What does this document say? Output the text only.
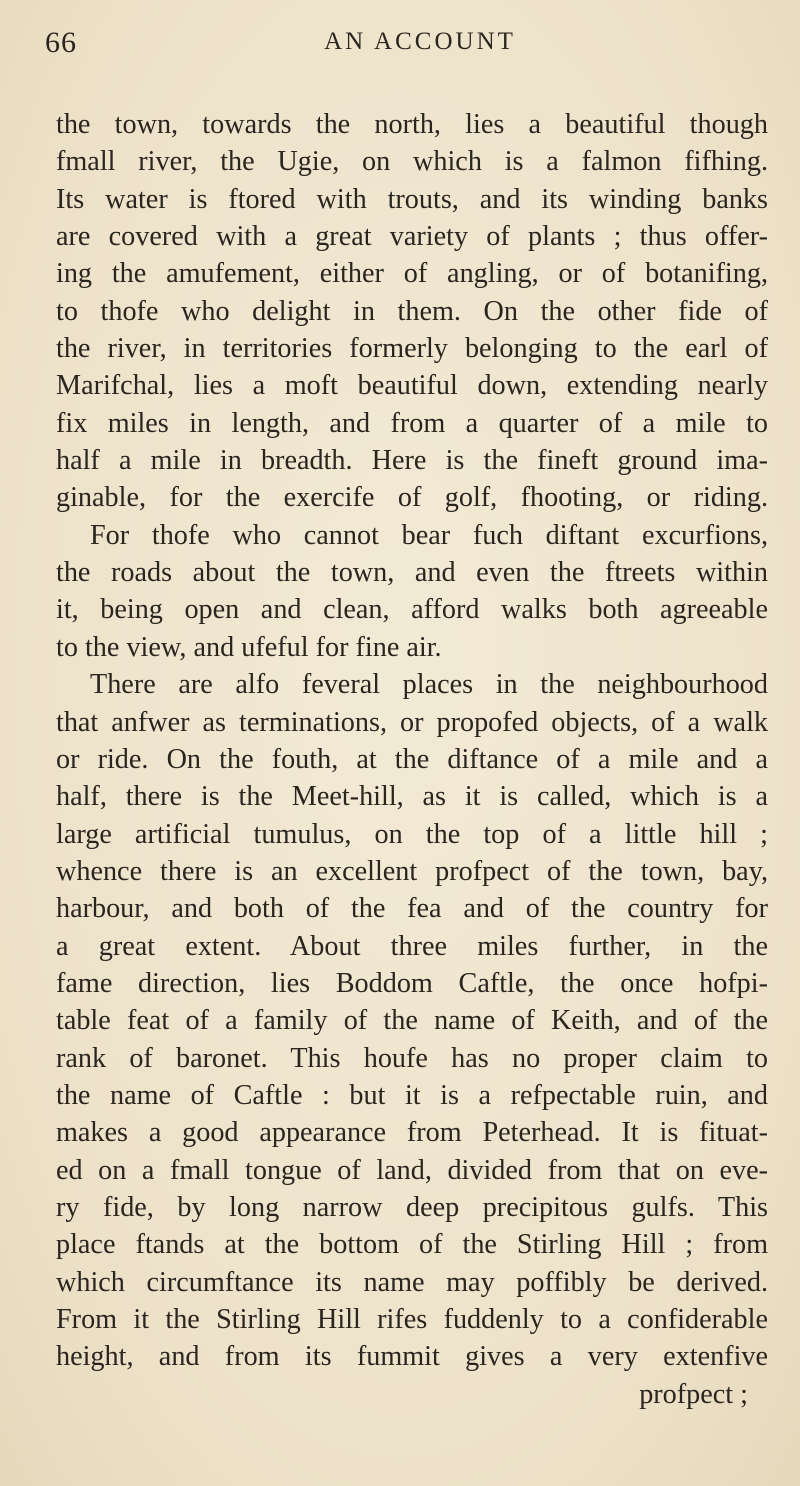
66	AN ACCOUNT
the town, towards the north, lies a beautiful though
fmall river, the Ugie, on which is a falmon fifhing.
Its water is ftored with trouts, and its winding banks
are covered with a great variety of plants ; thus offer-
ing the amufement, either of angling, or of botanifing,
to thofe who delight in them. On the other fide of
the river, in territories formerly belonging to the earl of
Marifchal, lies a moft beautiful down, extending nearly
fix miles in length, and from a quarter of a mile to
half a mile in breadth. Here is the fineft ground ima-
ginable, for the exercife of golf, fhooting, or riding.
For thofe who cannot bear fuch diftant excurfions,
the roads about the town, and even the ftreets within
it, being open and clean, afford walks both agreeable
to the view, and ufeful for fine air.
There are alfo feveral places in the neighbourhood
that anfwer as terminations, or propofed objects, of a walk
or ride. On the fouth, at the diftance of a mile and a
half, there is the Meet-hill, as it is called, which is a
large artificial tumulus, on the top of a little hill ;
whence there is an excellent profpect of the town, bay,
harbour, and both of the fea and of the country for
a great extent. About three miles further, in the
fame direction, lies Boddom Caftle, the once hofpi-
table feat of a family of the name of Keith, and of the
rank of baronet. This houfe has no proper claim to
the name of Caftle : but it is a refpectable ruin, and
makes a good appearance from Peterhead. It is fituat-
ed on a fmall tongue of land, divided from that on eve-
ry fide, by long narrow deep precipitous gulfs. This
place ftands at the bottom of the Stirling Hill ; from
which circumftance its name may poffibly be derived.
From it the Stirling Hill rifes fuddenly to a confiderable
height, and from its fummit gives a very extenfive
profpect ;
